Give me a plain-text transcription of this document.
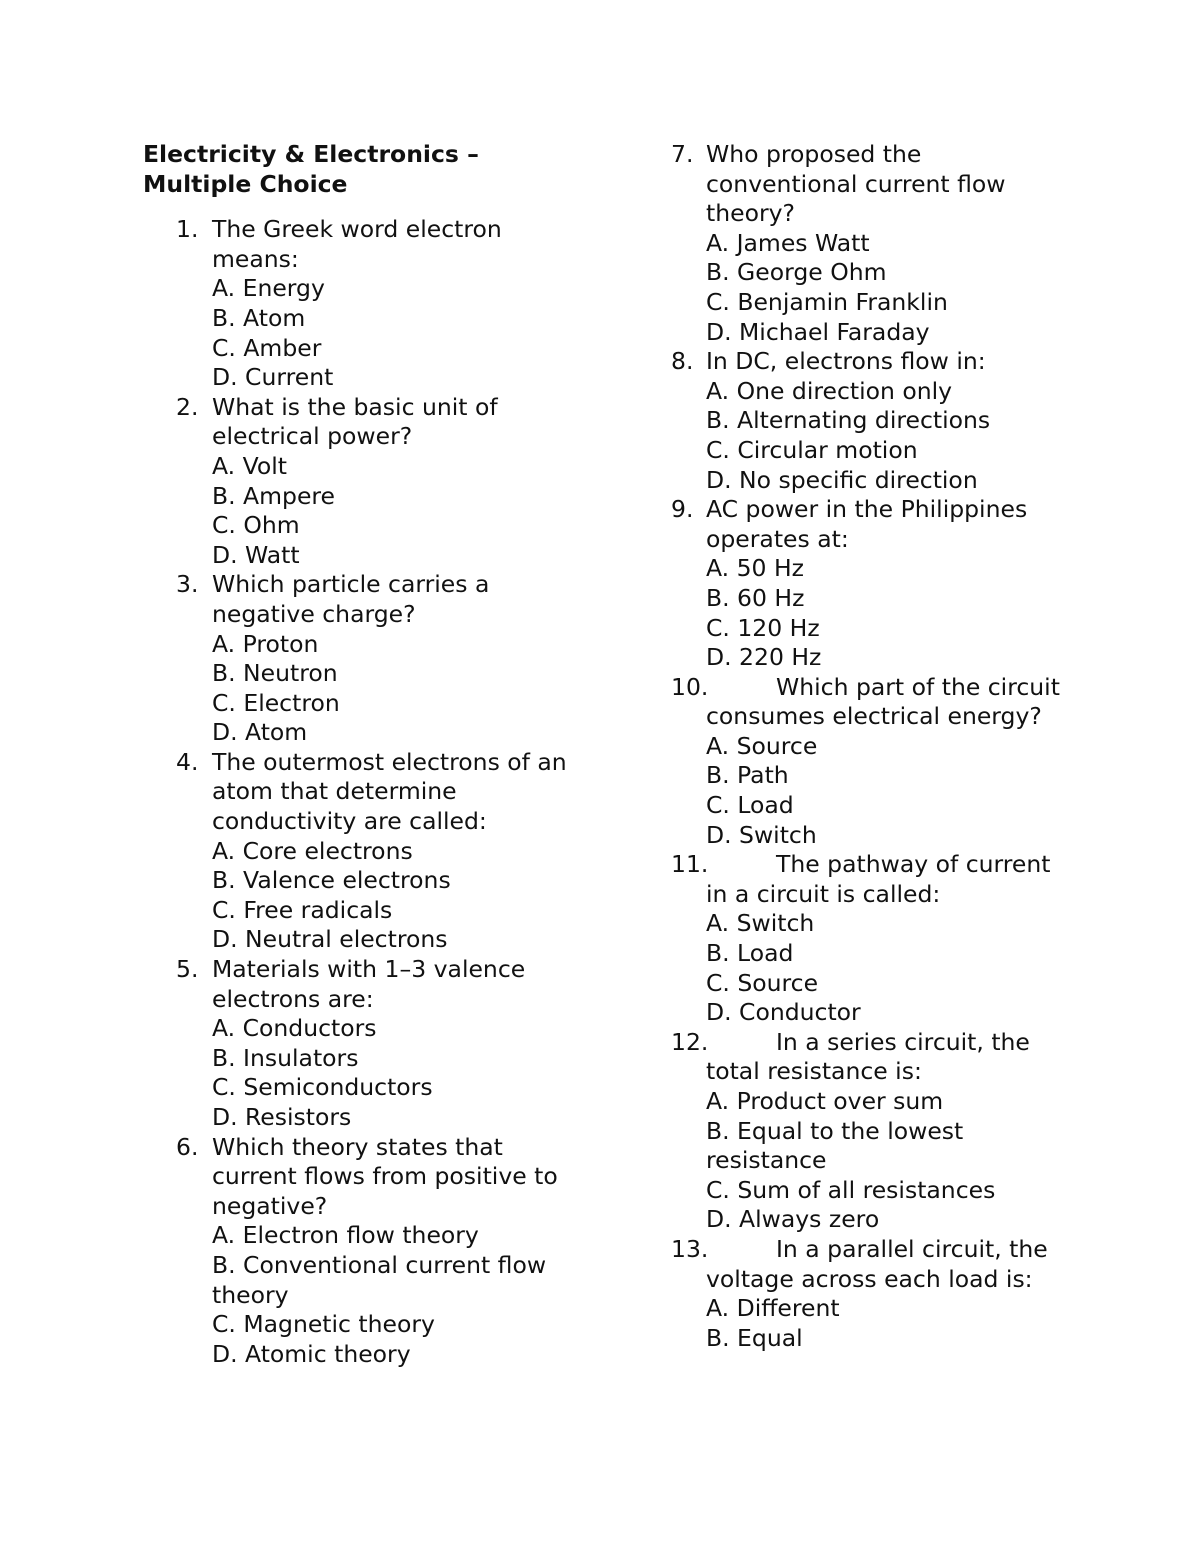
Electricity & Electronics –
Multiple Choice
1. The Greek word electron means:
A. Energy
B. Atom
C. Amber
D. Current
2. What is the basic unit of electrical power?
A. Volt
B. Ampere
C. Ohm
D. Watt
3. Which particle carries a negative charge?
A. Proton
B. Neutron
C. Electron
D. Atom
4. The outermost electrons of an atom that determine conductivity are called:
A. Core electrons
B. Valence electrons
C. Free radicals
D. Neutral electrons
5. Materials with 1–3 valence electrons are:
A. Conductors
B. Insulators
C. Semiconductors
D. Resistors
6. Which theory states that current flows from positive to negative?
A. Electron flow theory
B. Conventional current flow theory
C. Magnetic theory
D. Atomic theory
7. Who proposed the conventional current flow theory?
A. James Watt
B. George Ohm
C. Benjamin Franklin
D. Michael Faraday
8. In DC, electrons flow in:
A. One direction only
B. Alternating directions
C. Circular motion
D. No specific direction
9. AC power in the Philippines operates at:
A. 50 Hz
B. 60 Hz
C. 120 Hz
D. 220 Hz
10.	Which part of the circuit consumes electrical energy?
A. Source
B. Path
C. Load
D. Switch
11.	The pathway of current in a circuit is called:
A. Switch
B. Load
C. Source
D. Conductor
12.	In a series circuit, the total resistance is:
A. Product over sum
B. Equal to the lowest resistance
C. Sum of all resistances
D. Always zero
13.	In a parallel circuit, the voltage across each load is:
A. Different
B. Equal
